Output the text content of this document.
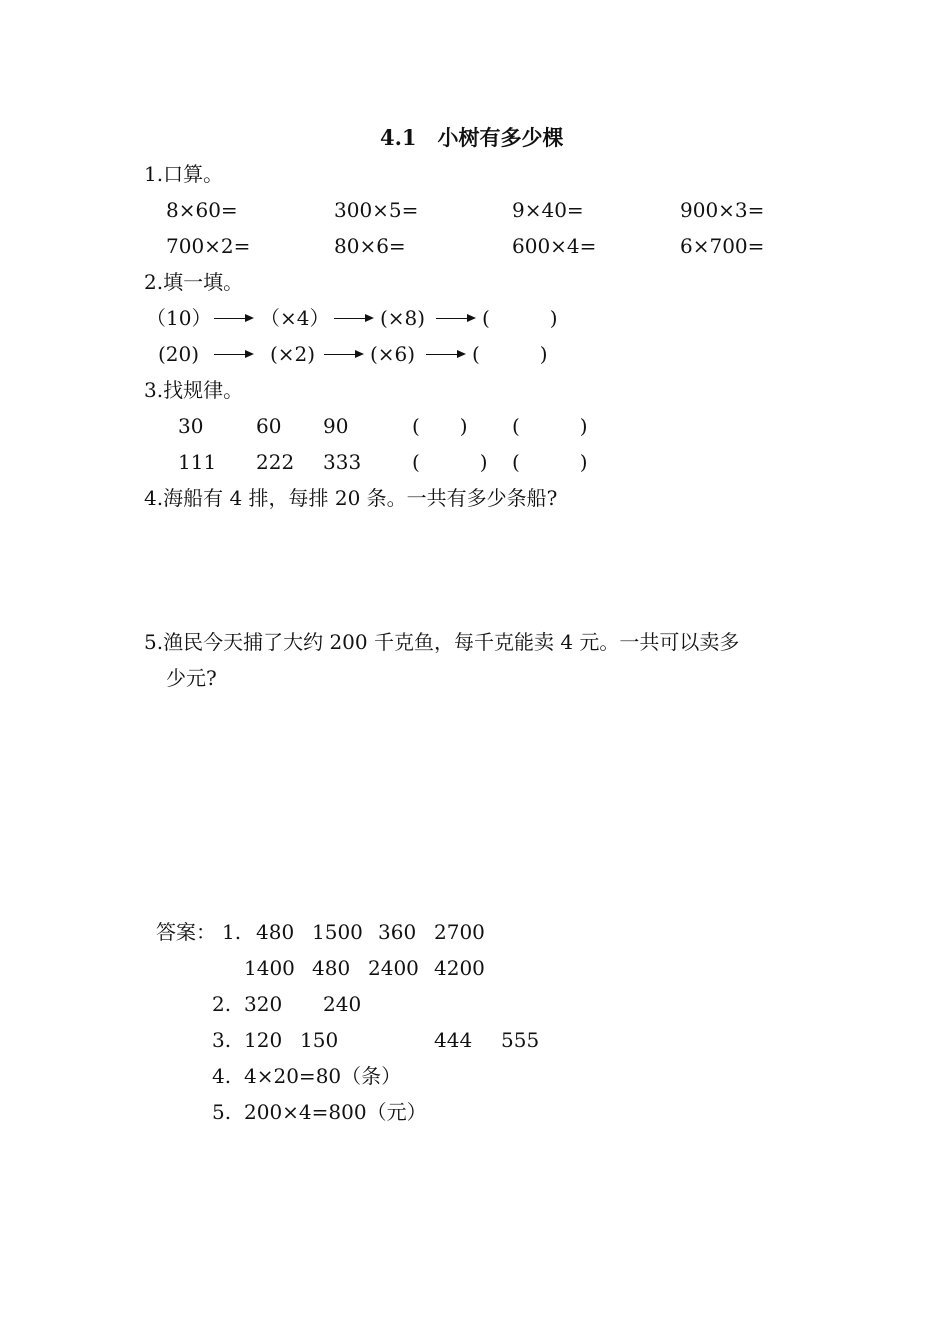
4.1　小树有多少棵
1.口算。
8×60=	300×5=	9×40=	900×3=
700×2=	80×6=	600×4=	6×700=
2.填一填。
（10） （×4）	(×8)	(　　　)
(20)	(×2)	(×6)	(　　　)
3.找规律。
30	60 90	(　　) (　　　)
111 222 333	(　　　) (　　　)
4.海船有 4 排，每排 20 条。一共有多少条船?
5.渔民今天捕了大约 200 千克鱼，每千克能卖 4 元。一共可以卖多
少元?
答案： 1. 480 1500 360 2700
1400 480 2400 4200
2. 320 240
3. 120 150	444 555
4. 4×20=80（条）
5. 200×4=800（元）
